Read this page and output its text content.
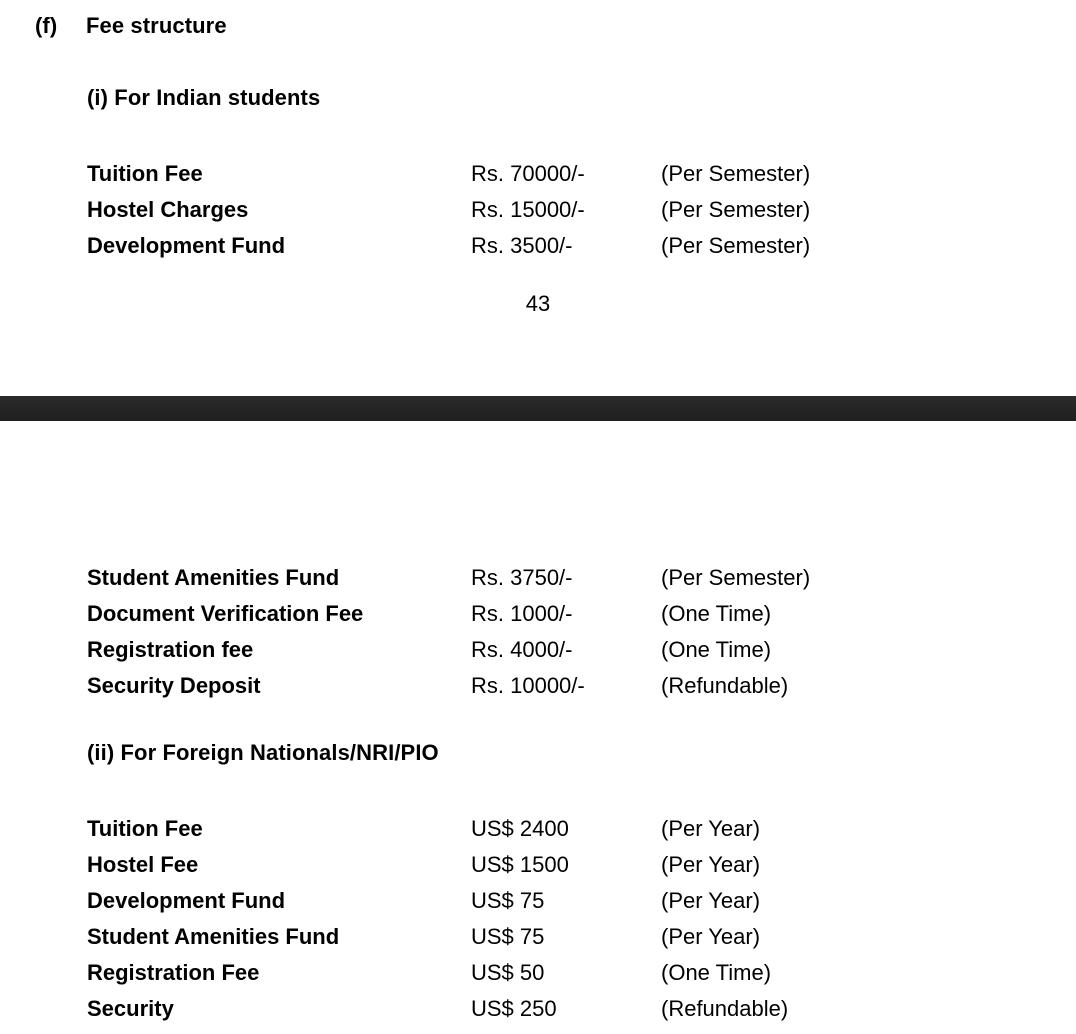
(f) Fee structure
(i) For Indian students
Tuition Fee	Rs. 70000/-	(Per Semester)
Hostel Charges	Rs. 15000/-	(Per Semester)
Development Fund	Rs. 3500/-	(Per Semester)
43
Student Amenities Fund	Rs. 3750/-	(Per Semester)
Document Verification Fee	Rs. 1000/-	(One Time)
Registration fee	Rs. 4000/-	(One Time)
Security Deposit	Rs. 10000/-	(Refundable)
(ii) For Foreign Nationals/NRI/PIO
Tuition Fee	US$ 2400	(Per Year)
Hostel Fee	US$ 1500	(Per Year)
Development Fund	US$ 75	(Per Year)
Student Amenities Fund	US$ 75	(Per Year)
Registration Fee	US$ 50	(One Time)
Security	US$ 250	(Refundable)
